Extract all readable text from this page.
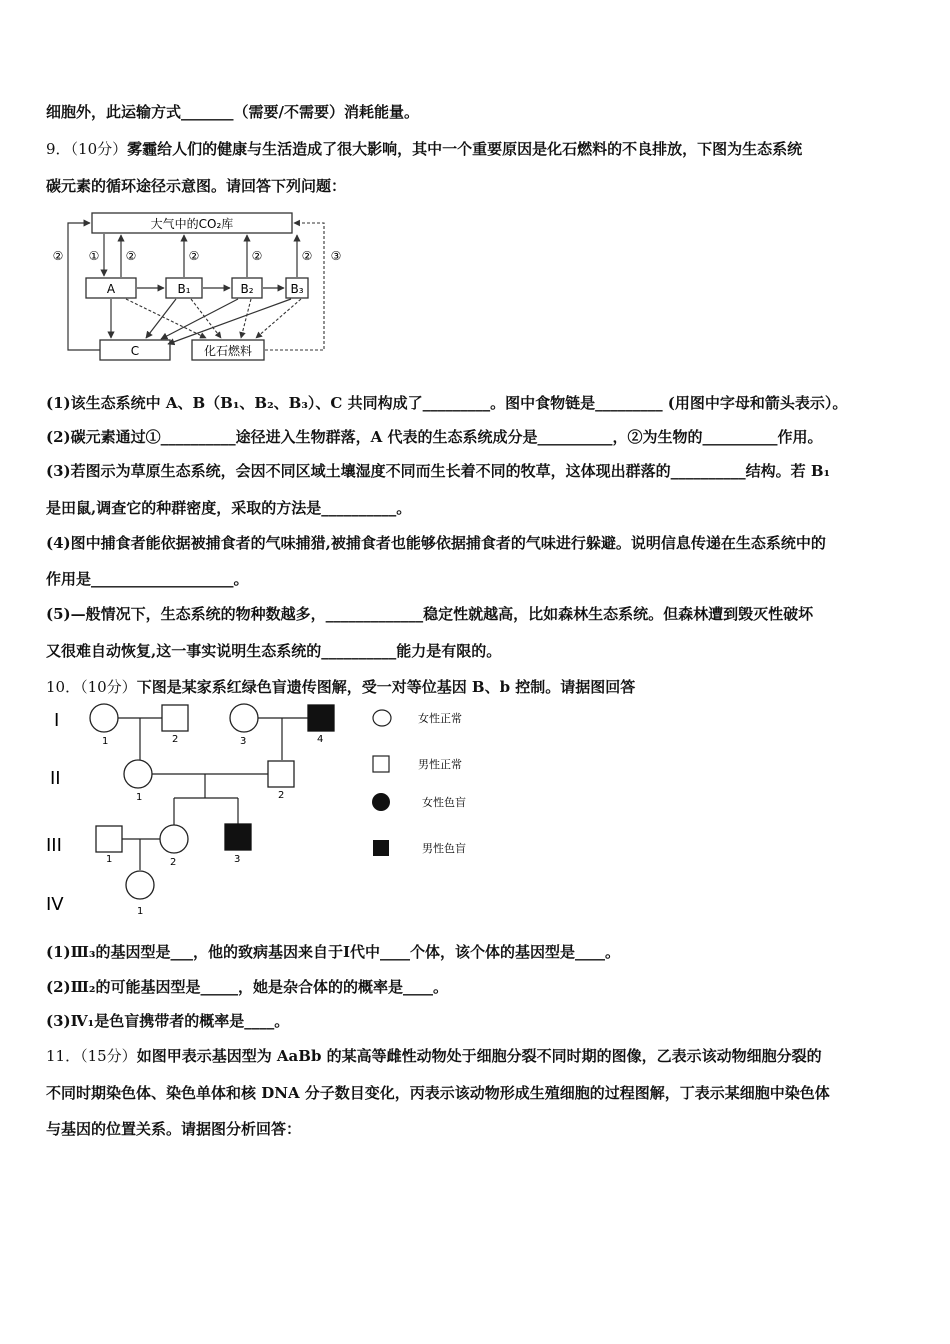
细胞外，此运输方式_______（需要/不需要）消耗能量。
9．（10分）雾霾给人们的健康与生活造成了很大影响，其中一个重要原因是化石燃料的不良排放，下图为生态系统
碳元素的循环途径示意图。请回答下列问题：
大气中的CO₂库
A	B₁	B₂	B₃
C	化石燃料
① ②	②	②	②
②	③
(1)该生态系统中 A、B（B₁、B₂、B₃）、C 共同构成了_________。图中食物链是_________ (用图中字母和箭头表示）。
(2)碳元素通过①__________途径进入生物群落，A 代表的生态系统成分是__________，②为生物的__________作用。
(3)若图示为草原生态系统，会因不同区域土壤湿度不同而生长着不同的牧草，这体现出群落的__________结构。若 B₁
是田鼠,调查它的种群密度，采取的方法是__________。
(4)图中捕食者能依据被捕食者的气味捕猎,被捕食者也能够依据捕食者的气味进行躲避。说明信息传递在生态系统中的
作用是___________________。
(5)—般情况下，生态系统的物种数越多，_____________稳定性就越高，比如森林生态系统。但森林遭到毁灭性破坏
又很难自动恢复,这一事实说明生态系统的__________能力是有限的。
10．（10分）下图是某家系红绿色盲遗传图解，受一对等位基因 B、b 控制。请据图回答
I
II
III
IV
1	2	3	4
1	2
1	2	3
1
女性正常
男性正常
女性色盲
男性色盲
(1)Ⅲ₃的基因型是___，他的致病基因来自于Ⅰ代中____个体，该个体的基因型是____。
(2)Ⅲ₂的可能基因型是_____，她是杂合体的的概率是____。
(3)Ⅳ₁是色盲携带者的概率是____。
11．（15分）如图甲表示基因型为 AaBb 的某高等雌性动物处于细胞分裂不同时期的图像，乙表示该动物细胞分裂的
不同时期染色体、染色单体和核 DNA 分子数目变化，丙表示该动物形成生殖细胞的过程图解，丁表示某细胞中染色体
与基因的位置关系。请据图分析回答：
